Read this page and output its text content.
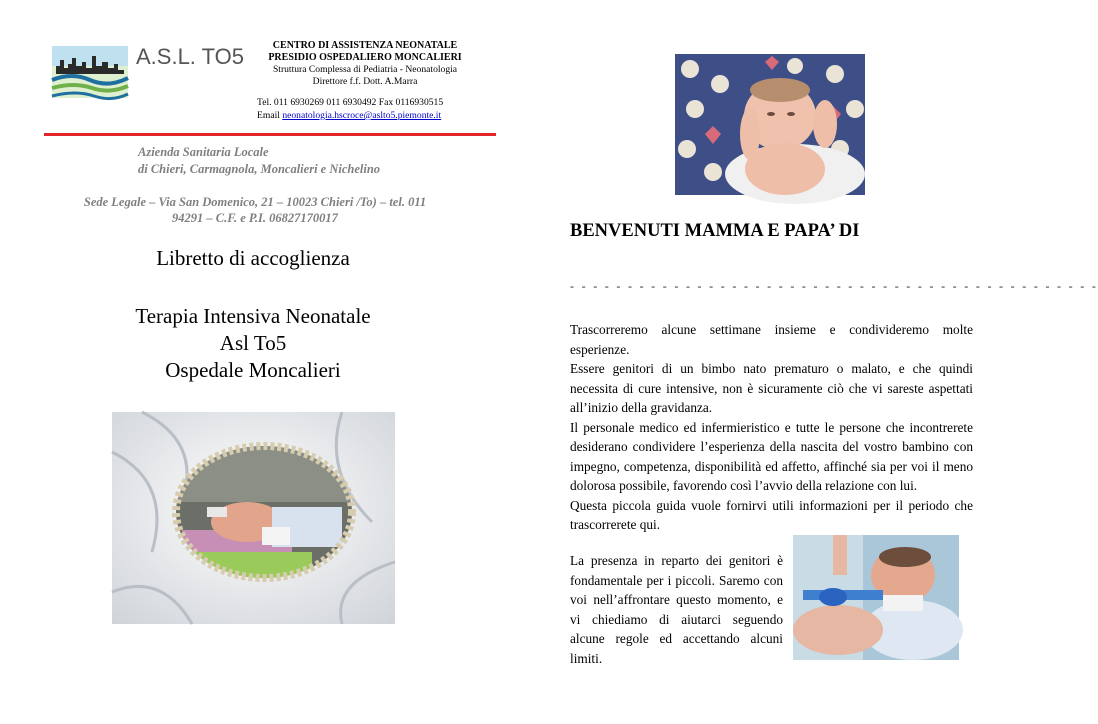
A.S.L. TO5	CENTRO DI ASSISTENZA NEONATALE
PRESIDIO OSPEDALIERO MONCALIERI
Struttura Complessa di Pediatria - Neonatologia
Direttore f.f. Dott. A.Marra
Tel. 011 6930269 011 6930492 Fax 0116930515
Email neonatologia.hscroce@aslto5.piemonte.it
Azienda Sanitaria Locale
di Chieri, Carmagnola, Moncalieri e Nichelino
Sede Legale – Via San Domenico, 21 – 10023 Chieri /To) – tel. 011
94291 – C.F. e P.I. 06827170017
Libretto di accoglienza
Terapia Intensiva Neonatale
Asl To5
Ospedale Moncalieri
BENVENUTI MAMMA E PAPA’ DI
- - - - - - - - - - - - - - - - - - - - - - - - - - - - - - - - - - - - - - - - - - - - - -

Trascorreremo alcune settimane insieme e condivideremo molte esperienze.

Essere genitori di un bimbo nato prematuro o malato, e che quindi necessita di cure intensive, non è sicuramente ciò che vi sareste aspettati all’inizio della gravidanza.

Il personale medico ed infermieristico e tutte le persone che incontrerete desiderano condividere l’esperienza della nascita del vostro bambino con impegno, competenza, disponibilità ed affetto, affinché sia per voi il meno dolorosa possibile, favorendo così l’avvio della relazione con lui.

Questa piccola guida vuole fornirvi utili informazioni per il periodo che trascorrerete qui.

La presenza in reparto dei genitori è fondamentale per i piccoli. Saremo con voi nell’affrontare questo momento, e vi chiediamo di aiutarci seguendo alcune regole ed accettando alcuni limiti.
